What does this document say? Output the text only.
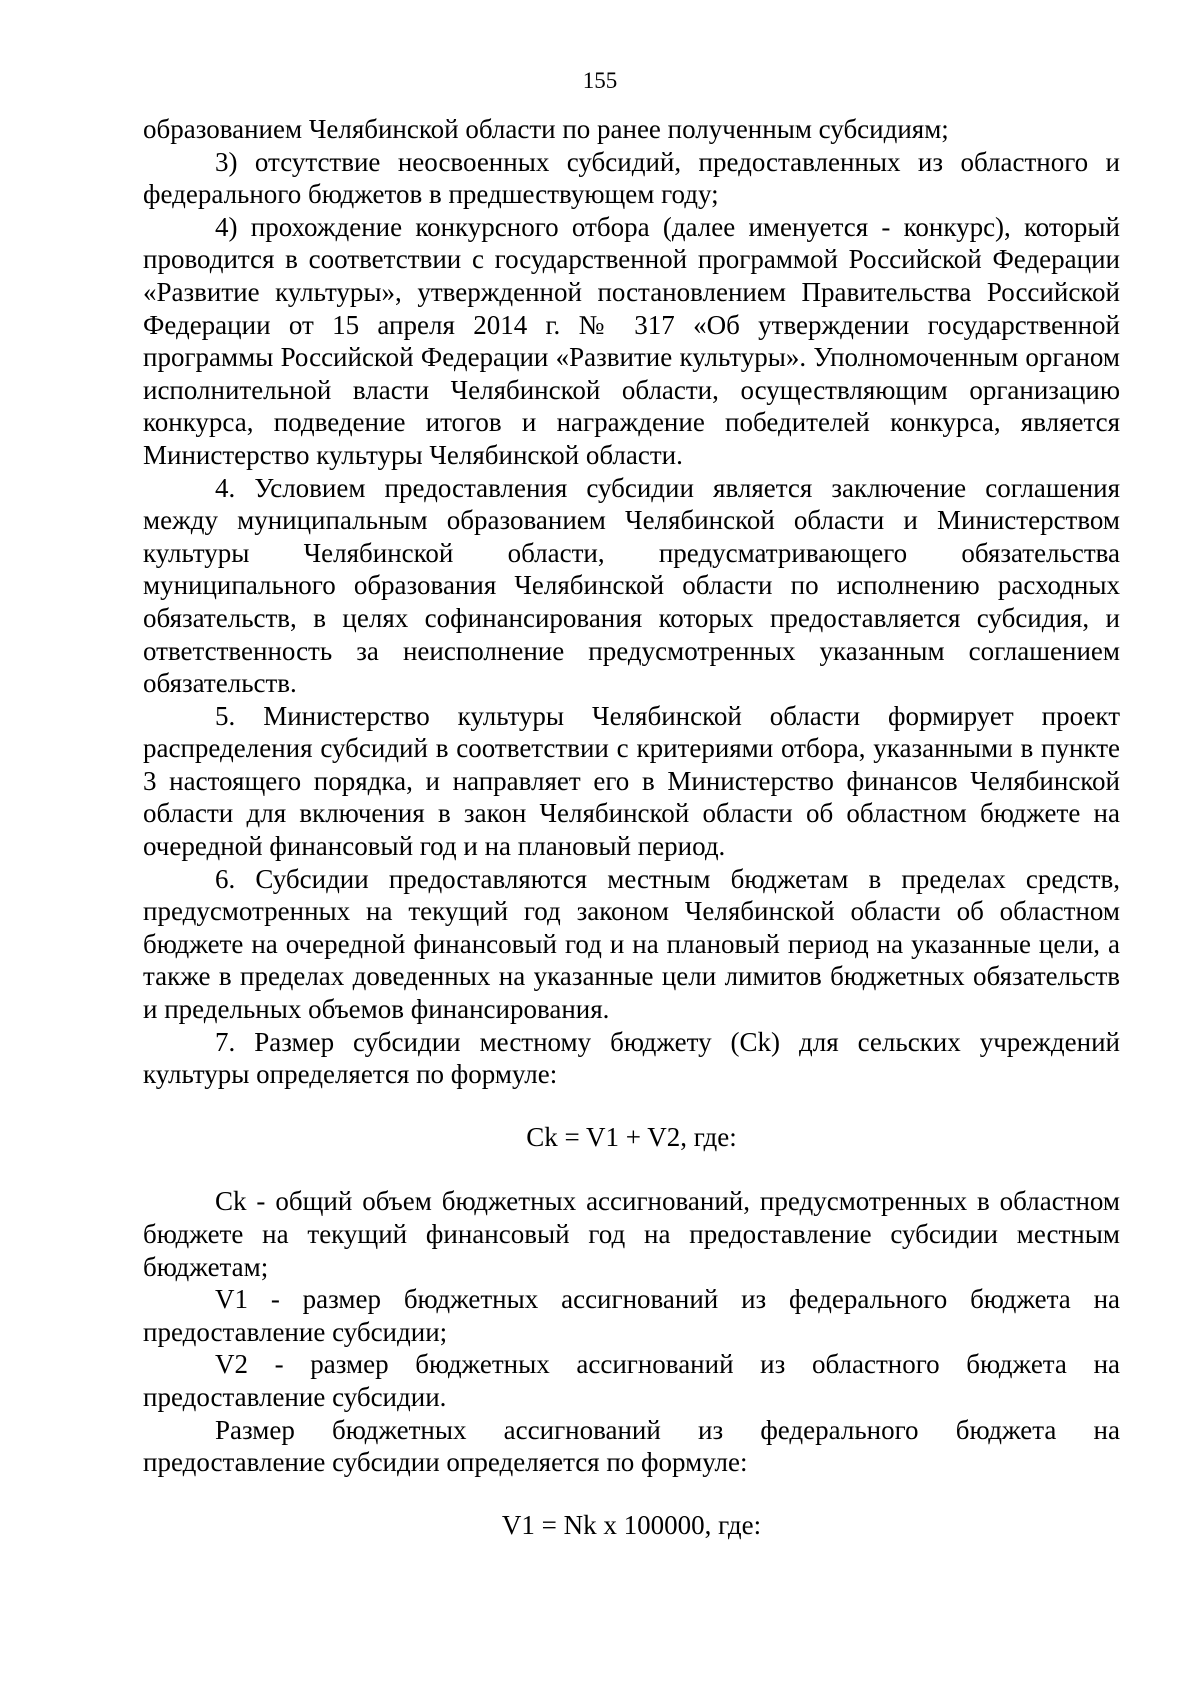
155

образованием Челябинской области по ранее полученным субсидиям;

3) отсутствие неосвоенных субсидий, предоставленных из областного и федерального бюджетов в предшествующем году;

4) прохождение конкурсного отбора (далее именуется - конкурс), который проводится в соответствии с государственной программой Российской Федерации «Развитие культуры», утвержденной постановлением Правительства Российской Федерации от 15 апреля 2014 г. № 317 «Об утверждении государственной программы Российской Федерации «Развитие культуры». Уполномоченным органом исполнительной власти Челябинской области, осуществляющим организацию конкурса, подведение итогов и награждение победителей конкурса, является Министерство культуры Челябинской области.

4. Условием предоставления субсидии является заключение соглашения между муниципальным образованием Челябинской области и Министерством культуры Челябинской области, предусматривающего обязательства муниципального образования Челябинской области по исполнению расходных обязательств, в целях софинансирования которых предоставляется субсидия, и ответственность за неисполнение предусмотренных указанным соглашением обязательств.

5. Министерство культуры Челябинской области формирует проект распределения субсидий в соответствии с критериями отбора, указанными в пункте 3 настоящего порядка, и направляет его в Министерство финансов Челябинской области для включения в закон Челябинской области об областном бюджете на очередной финансовый год и на плановый период.

6. Субсидии предоставляются местным бюджетам в пределах средств, предусмотренных на текущий год законом Челябинской области об областном бюджете на очередной финансовый год и на плановый период на указанные цели, а также в пределах доведенных на указанные цели лимитов бюджетных обязательств и предельных объемов финансирования.

7. Размер субсидии местному бюджету (Ck) для сельских учреждений культуры определяется по формуле:

Ck = V1 + V2, где:

Ck - общий объем бюджетных ассигнований, предусмотренных в областном бюджете на текущий финансовый год на предоставление субсидии местным бюджетам;

V1 - размер бюджетных ассигнований из федерального бюджета на предоставление субсидии;

V2 - размер бюджетных ассигнований из областного бюджета на предоставление субсидии.

Размер бюджетных ассигнований из федерального бюджета на предоставление субсидии определяется по формуле:

V1 = Nk x 100000, где:
